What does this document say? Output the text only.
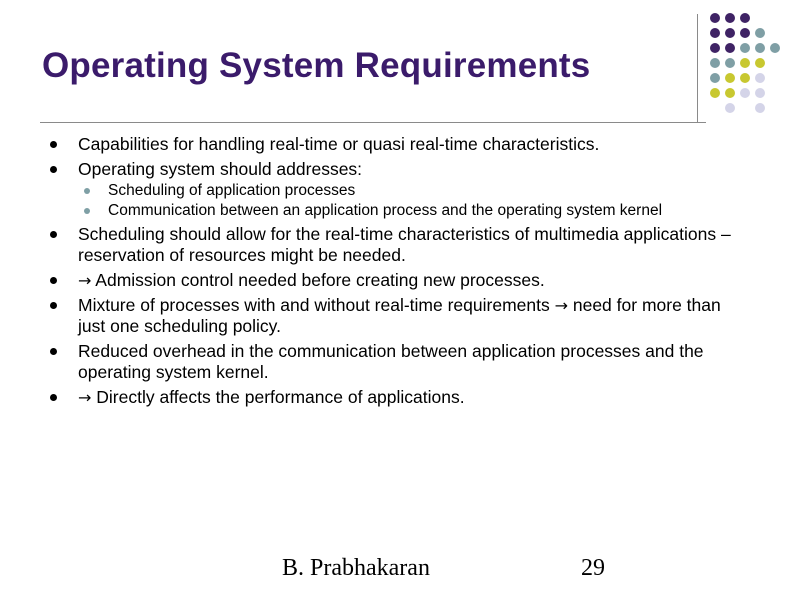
Operating System Requirements
Capabilities for handling real-time or quasi real-time characteristics.
Operating system should addresses:
Scheduling of application processes
Communication between an application process and the operating system kernel
Scheduling should allow for the real-time characteristics of multimedia applications – reservation of resources might be needed.
→ Admission control needed before creating new processes.
Mixture of processes with and without real-time requirements → need for more than just one scheduling policy.
Reduced overhead in the communication between application processes and the operating system kernel.
→ Directly affects the performance of applications.
B. Prabhakaran	29
